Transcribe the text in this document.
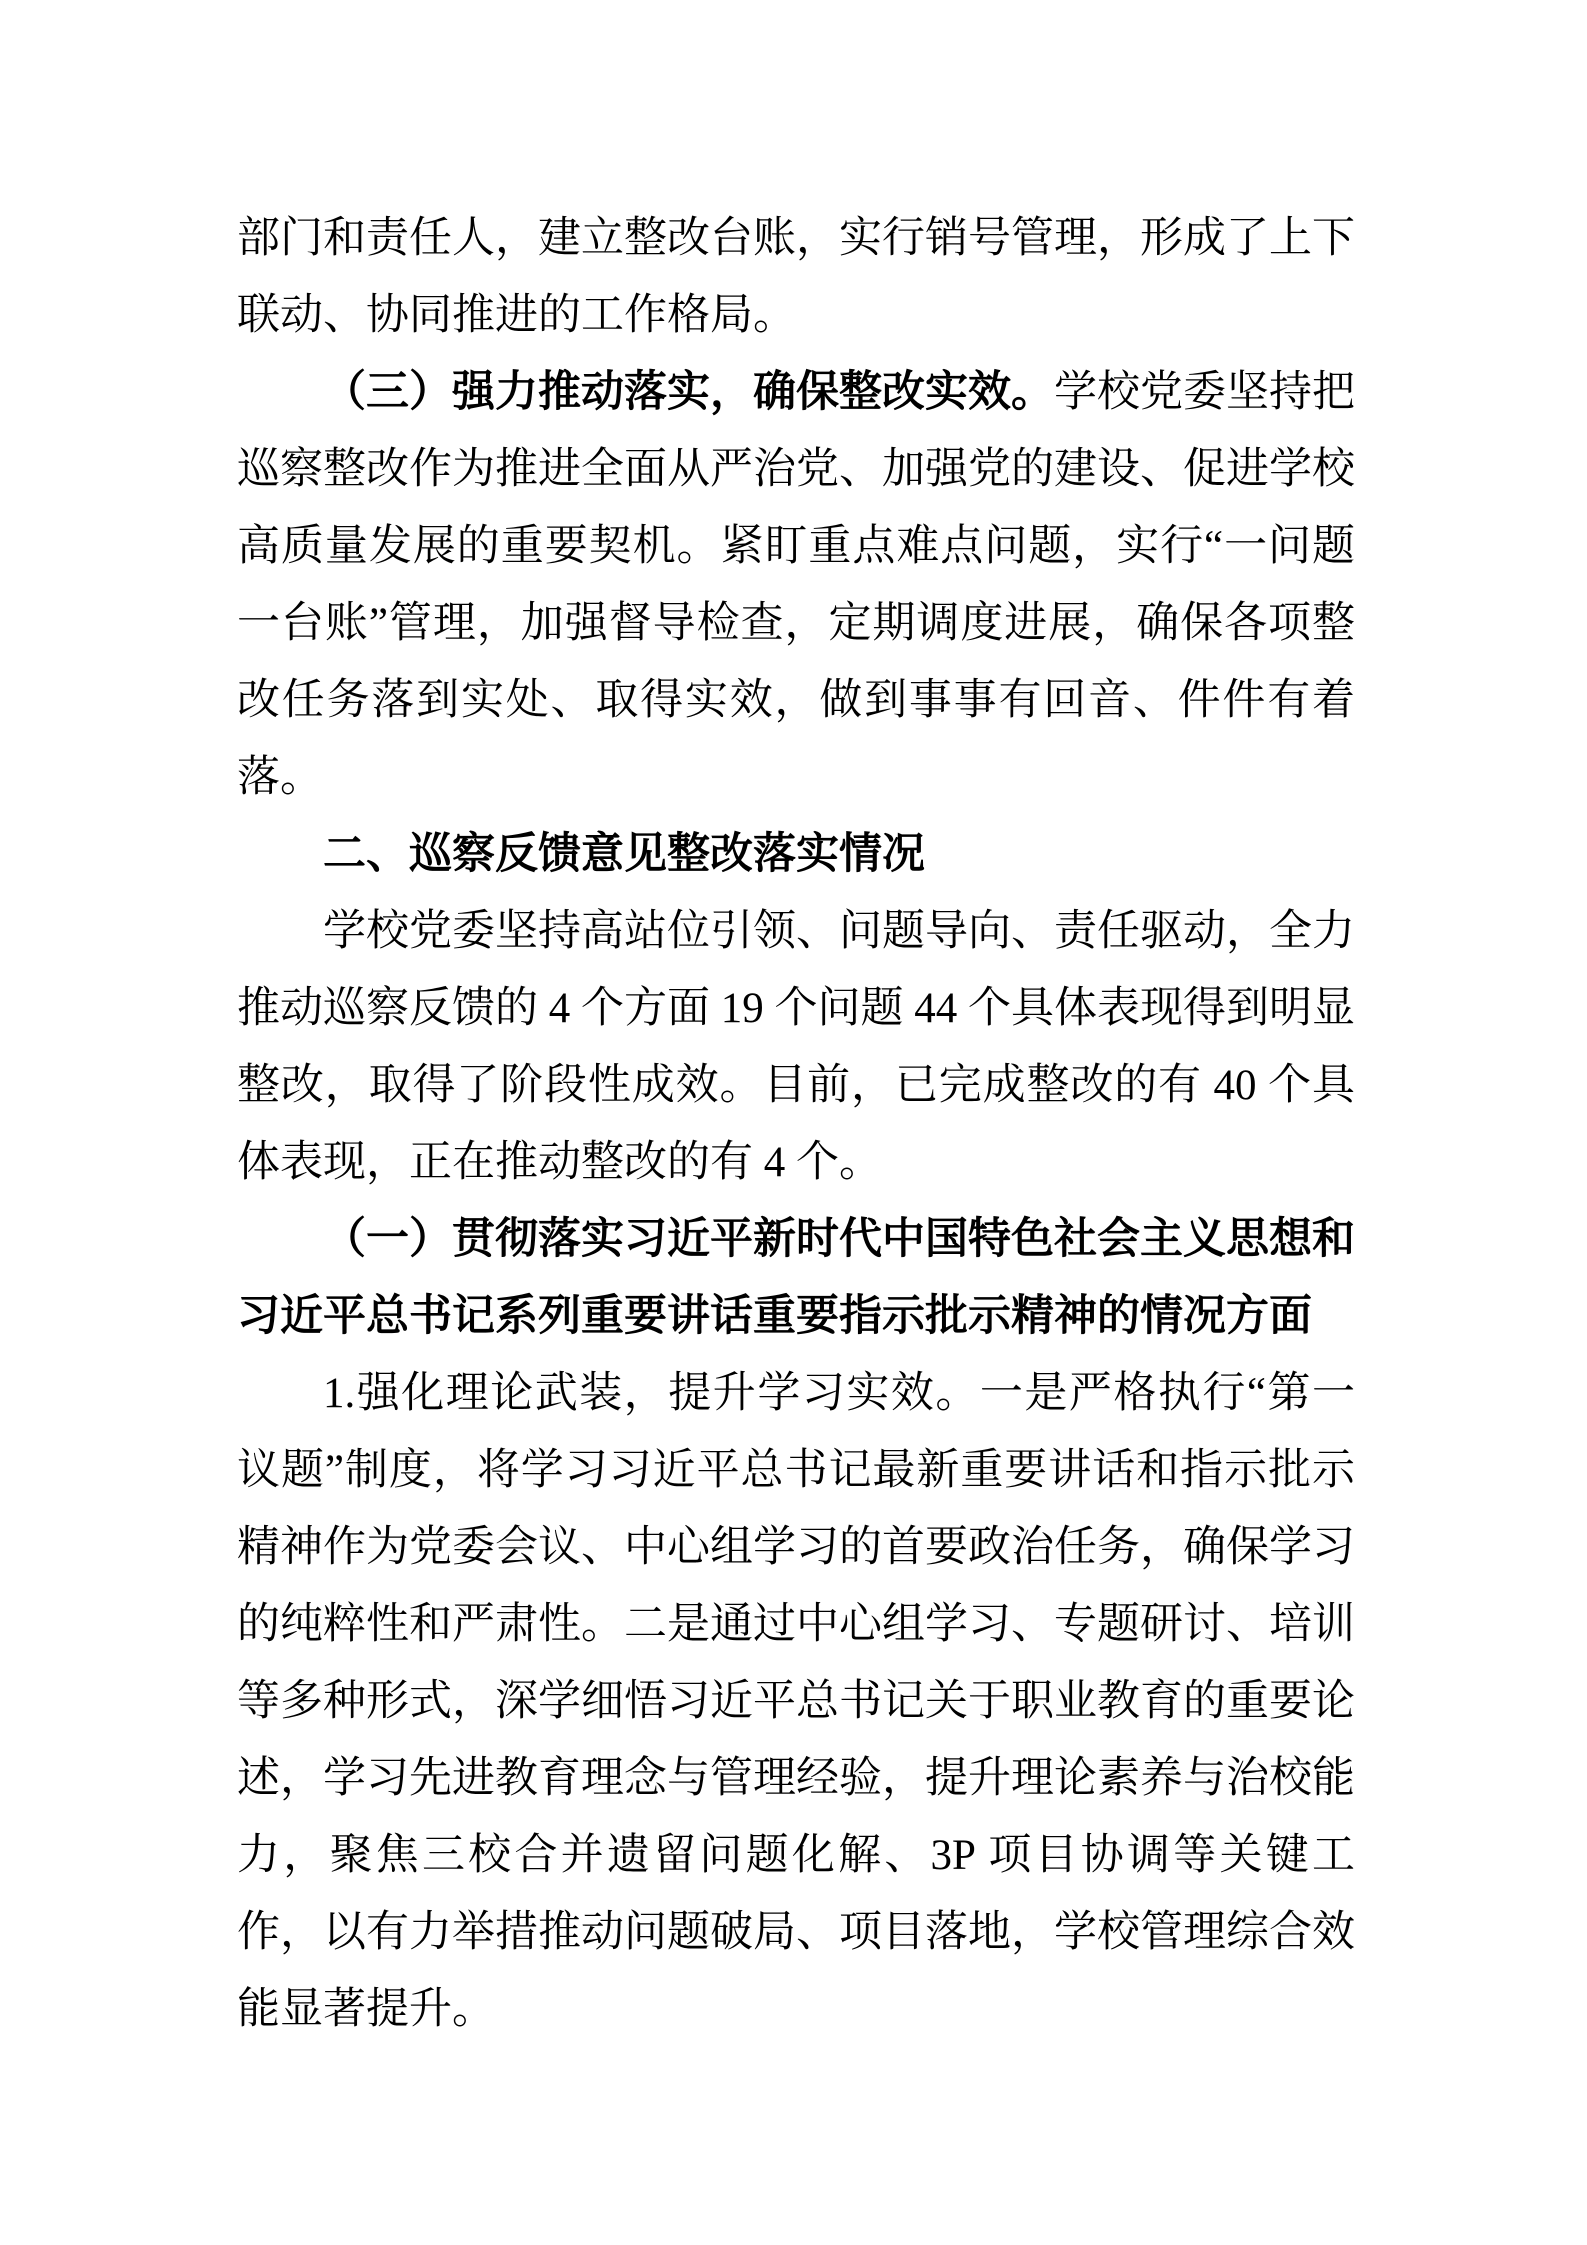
部门和责任人，建立整改台账，实行销号管理，形成了上下联动、协同推进的工作格局。

（三）强力推动落实，确保整改实效。学校党委坚持把巡察整改作为推进全面从严治党、加强党的建设、促进学校高质量发展的重要契机。紧盯重点难点问题，实行“一问题一台账”管理，加强督导检查，定期调度进展，确保各项整改任务落到实处、取得实效，做到事事有回音、件件有着落。

二、巡察反馈意见整改落实情况

学校党委坚持高站位引领、问题导向、责任驱动，全力推动巡察反馈的 4 个方面 19 个问题 44 个具体表现得到明显整改，取得了阶段性成效。目前，已完成整改的有 40 个具体表现，正在推动整改的有 4 个。

（一）贯彻落实习近平新时代中国特色社会主义思想和习近平总书记系列重要讲话重要指示批示精神的情况方面

1.强化理论武装，提升学习实效。一是严格执行“第一议题”制度，将学习习近平总书记最新重要讲话和指示批示精神作为党委会议、中心组学习的首要政治任务，确保学习的纯粹性和严肃性。二是通过中心组学习、专题研讨、培训等多种形式，深学细悟习近平总书记关于职业教育的重要论述，学习先进教育理念与管理经验，提升理论素养与治校能力，聚焦三校合并遗留问题化解、3P 项目协调等关键工作，以有力举措推动问题破局、项目落地，学校管理综合效能显著提升。
